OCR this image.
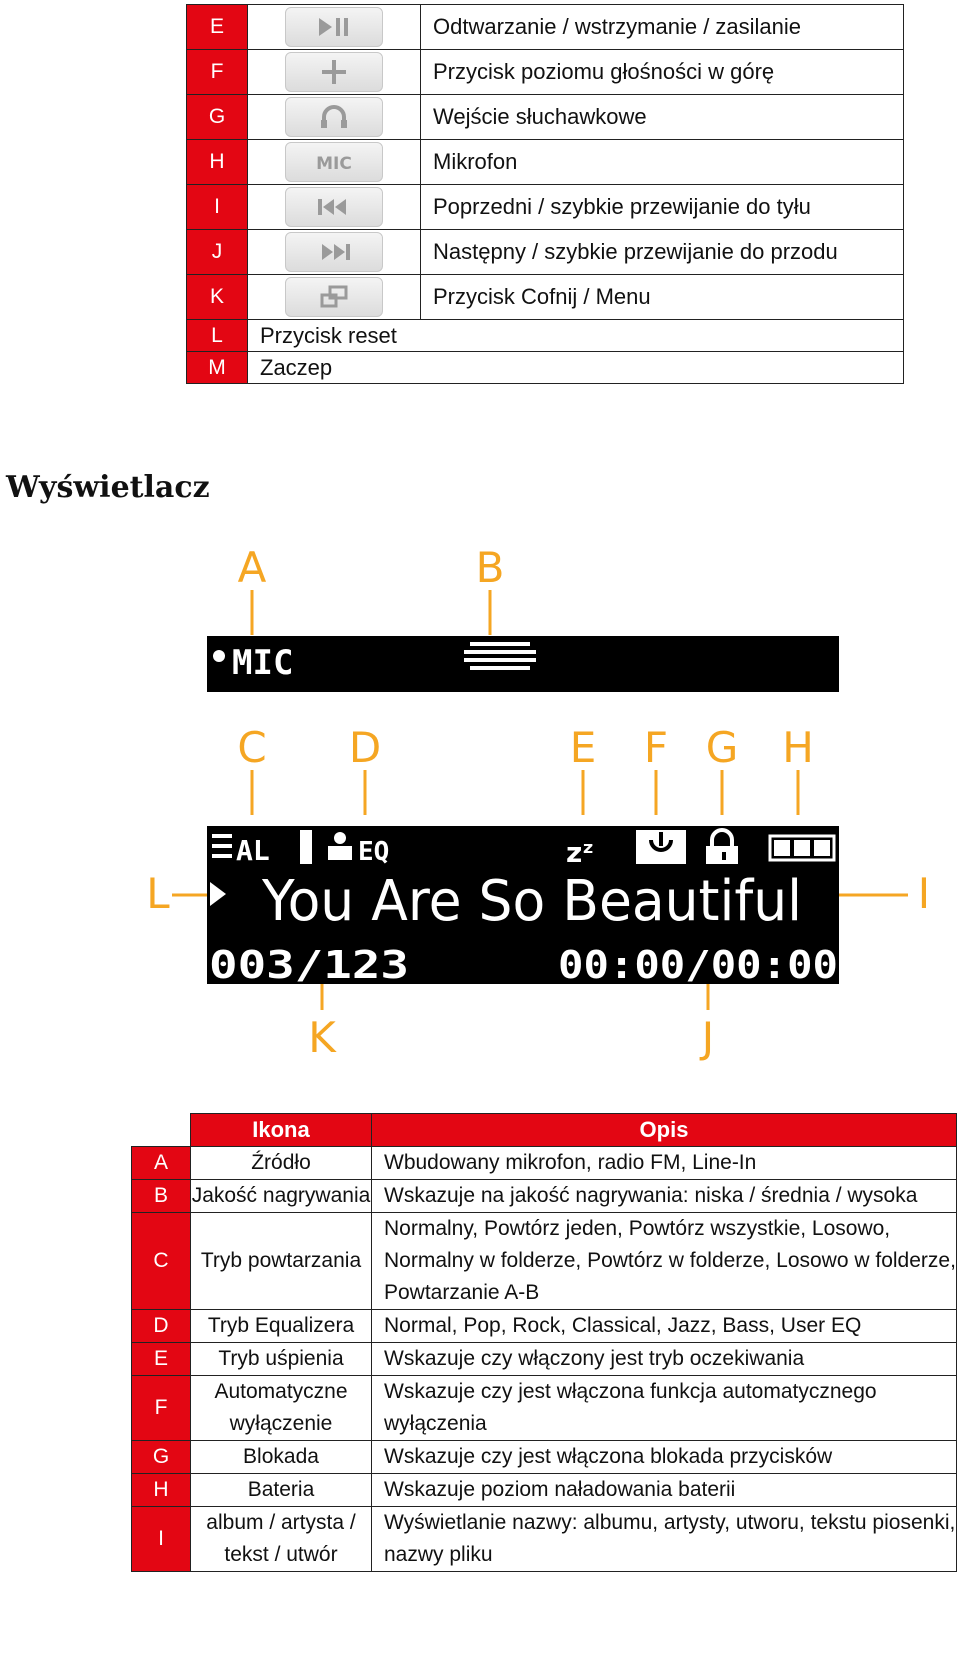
E		Odtwarzanie / wstrzymanie / zasilanie
F		Przycisk poziomu głośności w górę
G		Wejście słuchawkowe
H	MIC	Mikrofon
I		Poprzedni / szybkie przewijanie do tyłu
J		Następny / szybkie przewijanie do przodu
K		Przycisk Cofnij / Menu
L	Przycisk reset	
M	Zaczep	
Wyświetlacz
A	B
C D	E F G H
L	I
K	J
MIC
AL	EQ	zᶻ
You Are So Beautiful
003/123	00:00/00:00
	Ikona	Opis
A	Źródło	Wbudowany mikrofon, radio FM, Line-In
B	Jakość nagrywania	Wskazuje na jakość nagrywania: niska / średnia / wysoka
C	Tryb powtarzania	Normalny, Powtórz jeden, Powtórz wszystkie, Losowo, Normalny w folderze, Powtórz w folderze, Losowo w folderze, Powtarzanie A-B
D	Tryb Equalizera	Normal, Pop, Rock, Classical, Jazz, Bass, User EQ
E	Tryb uśpienia	Wskazuje czy włączony jest tryb oczekiwania
F	Automatyczne wyłączenie	Wskazuje czy jest włączona funkcja automatycznego wyłączenia
G	Blokada	Wskazuje czy jest włączona blokada przycisków
H	Bateria	Wskazuje poziom naładowania baterii
I	album / artysta / tekst / utwór	Wyświetlanie nazwy: albumu, artysty, utworu, tekstu piosenki, nazwy pliku
